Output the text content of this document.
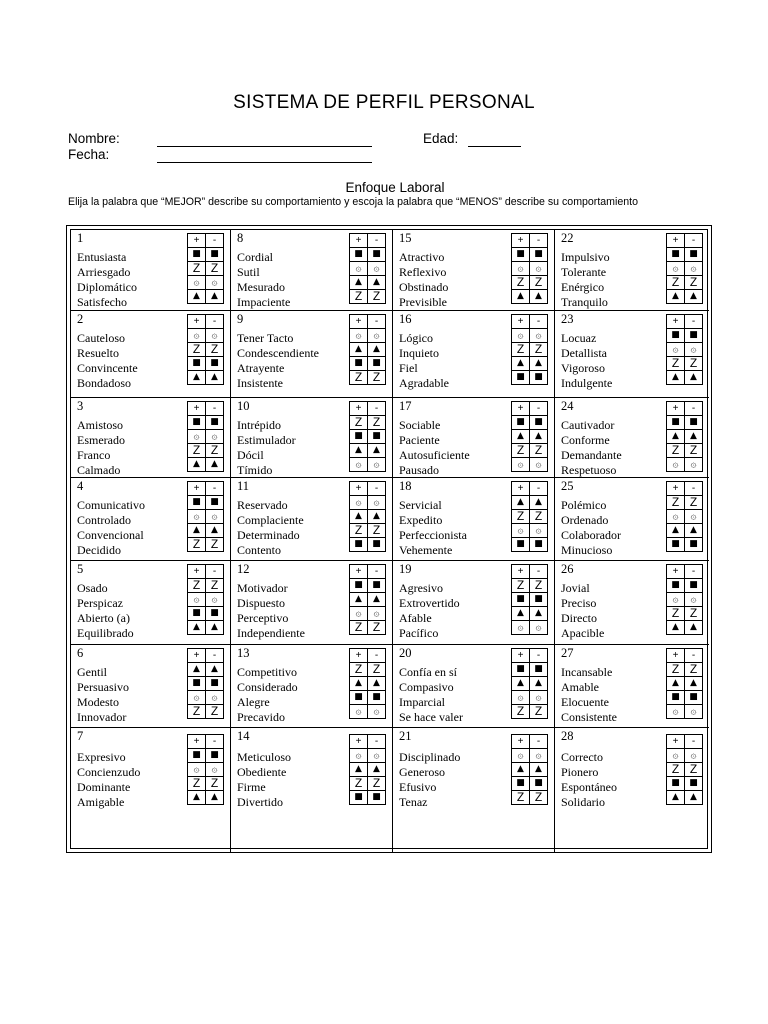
SISTEMA DE PERFIL PERSONAL
Nombre:
Fecha:
Edad:
Enfoque Laboral
Elija la palabra que “MEJOR” describe su comportamiento y escoja la palabra que “MENOS” describe su comportamiento
1
Entusiasta
Arriesgado
Diplomático
Satisfecho
+	-
■	■
Z	Z
۞	۞
▲	▲
8
Cordial
Sutil
Mesurado
Impaciente
+	-
■	■
۞	۞
▲	▲
Z	Z
15
Atractivo
Reflexivo
Obstinado
Previsible
+	-
■	■
۞	۞
Z	Z
▲	▲
22
Impulsivo
Tolerante
Enérgico
Tranquilo
+	-
■	■
۞	۞
Z	Z
▲	▲
2
Cauteloso
Resuelto
Convincente
Bondadoso
+	-
۞	۞
Z	Z
■	■
▲	▲
9
Tener Tacto
Condescendiente
Atrayente
Insistente
+	-
۞	۞
▲	▲
■	■
Z	Z
16
Lógico
Inquieto
Fiel
Agradable
+	-
۞	۞
Z	Z
▲	▲
■	■
23
Locuaz
Detallista
Vigoroso
Indulgente
+	-
■	■
۞	۞
Z	Z
▲	▲
3
Amistoso
Esmerado
Franco
Calmado
+	-
■	■
۞	۞
Z	Z
▲	▲
10
Intrépido
Estimulador
Dócil
Tímido
+	-
Z	Z
■	■
▲	▲
۞	۞
17
Sociable
Paciente
Autosuficiente
Pausado
+	-
■	■
▲	▲
Z	Z
۞	۞
24
Cautivador
Conforme
Demandante
Respetuoso
+	-
■	■
▲	▲
Z	Z
۞	۞
4
Comunicativo
Controlado
Convencional
Decidido
+	-
■	■
۞	۞
▲	▲
Z	Z
11
Reservado
Complaciente
Determinado
Contento
+	-
۞	۞
▲	▲
Z	Z
■	■
18
Servicial
Expedito
Perfeccionista
Vehemente
+	-
▲	▲
Z	Z
۞	۞
■	■
25
Polémico
Ordenado
Colaborador
Minucioso
+	-
Z	Z
۞	۞
▲	▲
■	■
5
Osado
Perspicaz
Abierto (a)
Equilibrado
+	-
Z	Z
۞	۞
■	■
▲	▲
12
Motivador
Dispuesto
Perceptivo
Independiente
+	-
■	■
▲	▲
۞	۞
Z	Z
19
Agresivo
Extrovertido
Afable
Pacífico
+	-
Z	Z
■	■
▲	▲
۞	۞
26
Jovial
Preciso
Directo
Apacible
+	-
■	■
۞	۞
Z	Z
▲	▲
6
Gentil
Persuasivo
Modesto
Innovador
+	-
▲	▲
■	■
۞	۞
Z	Z
13
Competitivo
Considerado
Alegre
Precavido
+	-
Z	Z
▲	▲
■	■
۞	۞
20
Confía en sí
Compasivo
Imparcial
Se hace valer
+	-
■	■
▲	▲
۞	۞
Z	Z
27
Incansable
Amable
Elocuente
Consistente
+	-
Z	Z
▲	▲
■	■
۞	۞
7
Expresivo
Concienzudo
Dominante
Amigable
+	-
■	■
۞	۞
Z	Z
▲	▲
14
Meticuloso
Obediente
Firme
Divertido
+	-
۞	۞
▲	▲
Z	Z
■	■
21
Disciplinado
Generoso
Efusivo
Tenaz
+	-
۞	۞
▲	▲
■	■
Z	Z
28
Correcto
Pionero
Espontáneo
Solidario
+	-
۞	۞
Z	Z
■	■
▲	▲
